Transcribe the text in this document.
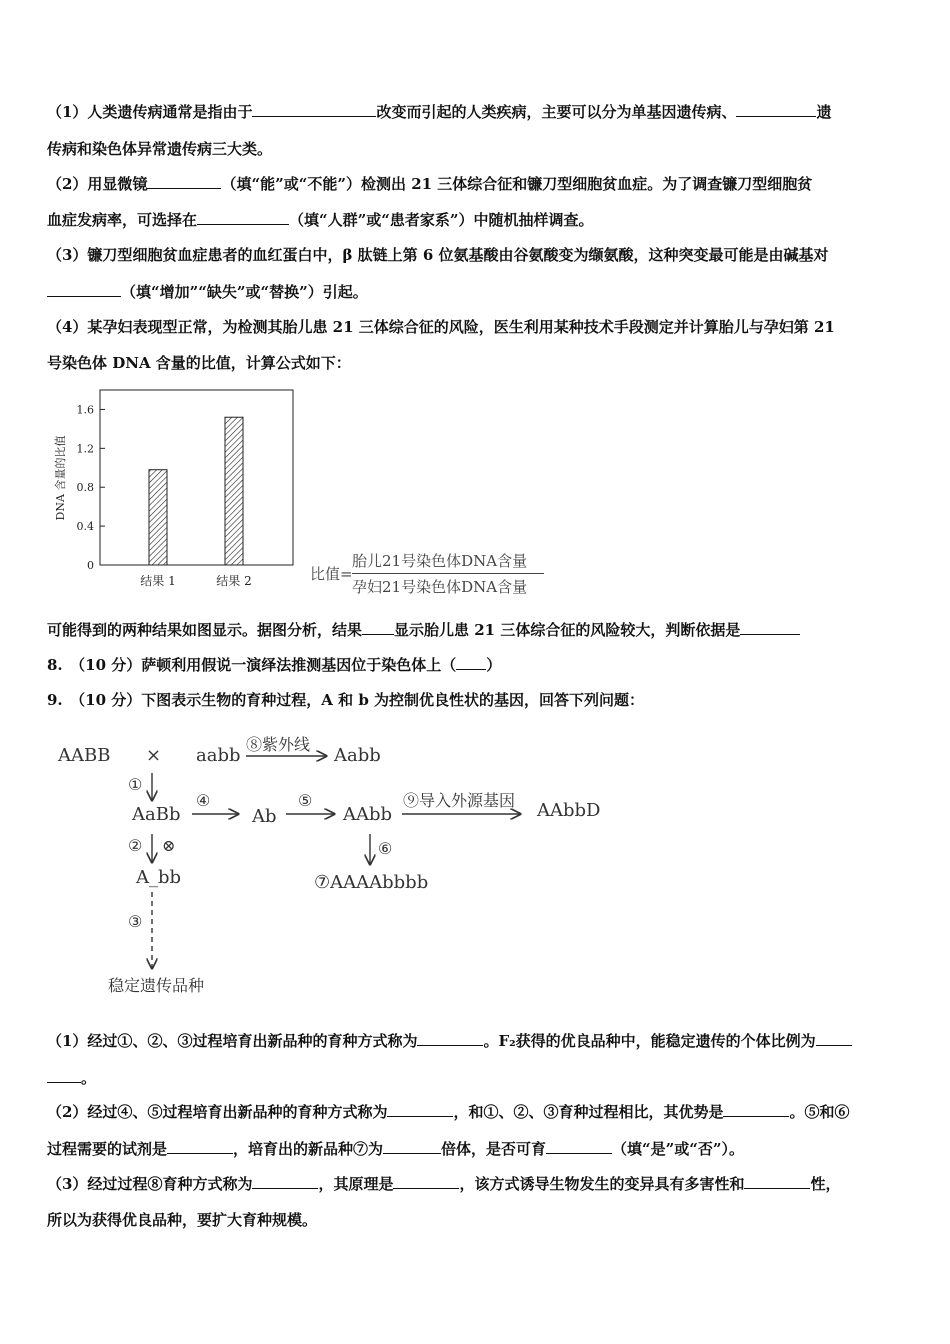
（1）人类遗传病通常是指由于	改变而引起的人类疾病，主要可以分为单基因遗传病、	遗
传病和染色体异常遗传病三大类。
（2）用显微镜	（填“能”或“不能”）检测出 21 三体综合征和镰刀型细胞贫血症。为了调查镰刀型细胞贫
血症发病率，可选择在	（填“人群”或“患者家系”）中随机抽样调查。
（3）镰刀型细胞贫血症患者的血红蛋白中，β 肽链上第 6 位氨基酸由谷氨酸变为缬氨酸，这种突变最可能是由碱基对
（填“增加”“缺失”或“替换”）引起。
（4）某孕妇表现型正常，为检测其胎儿患 21 三体综合征的风险，医生利用某种技术手段测定并计算胎儿与孕妇第 21
号染色体 DNA 含量的比值，计算公式如下：
0
0.4
0.8
1.2
1.6
结果 1	结果 2
DNA 含量的比值
比值=
胎儿21号染色体DNA含量
孕妇21号染色体DNA含量
可能得到的两种结果如图显示。据图分析，结果 显示胎儿患 21 三体综合征的风险较大，判断依据是
8.　（10 分）萨顿利用假说一演绎法推测基因位于染色体上（ ）
9.　（10 分）下图表示生物的育种过程，A 和 b 为控制优良性状的基因，回答下列问题：
AABB × aabb	Aabb
AaBb	Ab	AAbb	AAbbD
A_bb	⑦AAAAbbbb
⑧紫外线
①
④	⑤	⑨导入外源基因
② ⊗	⑥
③
稳定遗传品种
（1）经过①、②、③过程培育出新品种的育种方式称为	。F₂获得的优良品种中，能稳定遗传的个体比例为
。
（2）经过④、⑤过程培育出新品种的育种方式称为	，和①、②、③育种过程相比，其优势是	。⑤和⑥
过程需要的试剂是	，培育出的新品种⑦为	倍体，是否可育	（填“是”或“否”）。
（3）经过过程⑧育种方式称为	，其原理是	，该方式诱导生物发生的变异具有多害性和	性，
所以为获得优良品种，要扩大育种规模。
